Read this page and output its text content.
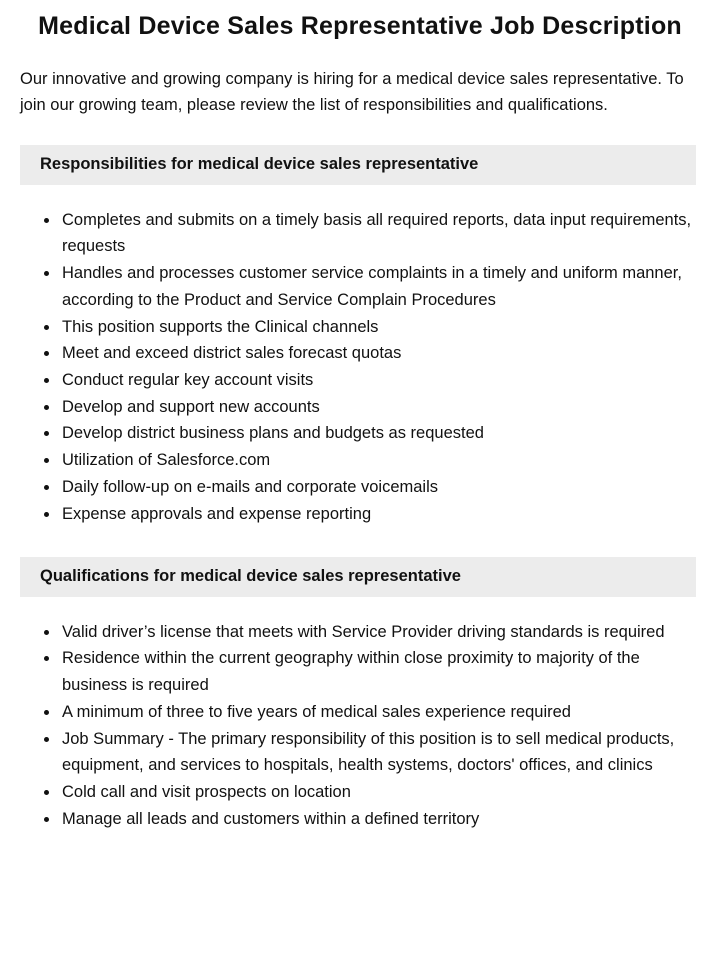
Medical Device Sales Representative Job Description

Our innovative and growing company is hiring for a medical device sales representative. To join our growing team, please review the list of responsibilities and qualifications.

Responsibilities for medical device sales representative
• Completes and submits on a timely basis all required reports, data input requirements, requests
• Handles and processes customer service complaints in a timely and uniform manner, according to the Product and Service Complain Procedures
• This position supports the Clinical channels
• Meet and exceed district sales forecast quotas
• Conduct regular key account visits
• Develop and support new accounts
• Develop district business plans and budgets as requested
• Utilization of Salesforce.com
• Daily follow-up on e-mails and corporate voicemails
• Expense approvals and expense reporting
Qualifications for medical device sales representative
• Valid driver’s license that meets with Service Provider driving standards is required
• Residence within the current geography within close proximity to majority of the business is required
• A minimum of three to five years of medical sales experience required
• Job Summary - The primary responsibility of this position is to sell medical products, equipment, and services to hospitals, health systems, doctors' offices, and clinics
• Cold call and visit prospects on location
• Manage all leads and customers within a defined territory
